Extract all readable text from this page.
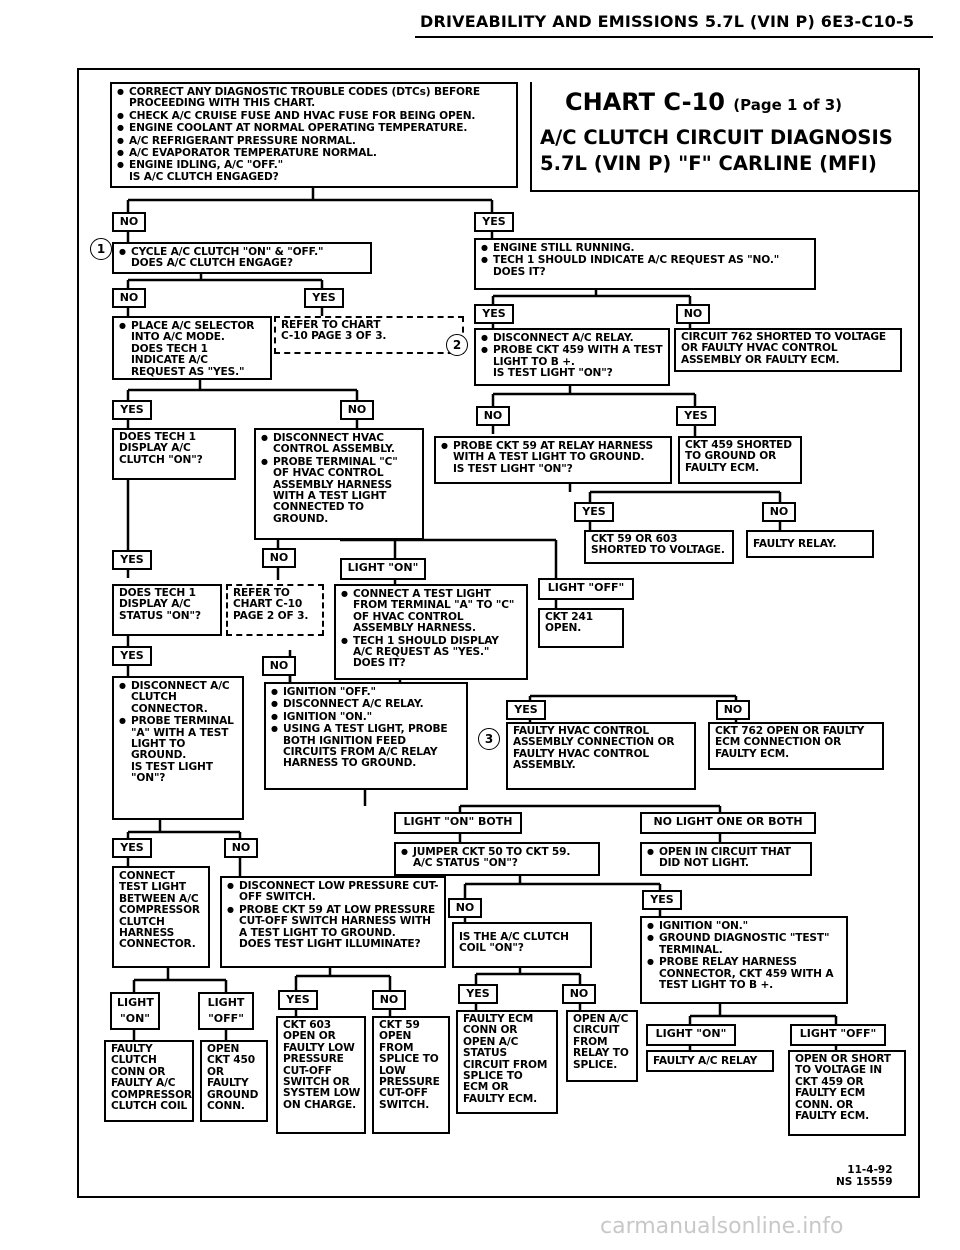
DRIVEABILITY AND EMISSIONS 5.7L (VIN P) 6E3-C10-5
CHART C-10 (Page 1 of 3)
A/C CLUTCH CIRCUIT DIAGNOSIS
5.7L (VIN P) "F" CARLINE (MFI)
● CORRECT ANY DIAGNOSTIC TROUBLE CODES (DTCs) BEFORE PROCEEDING WITH THIS CHART.
● CHECK A/C CRUISE FUSE AND HVAC FUSE FOR BEING OPEN.
● ENGINE COOLANT AT NORMAL OPERATING TEMPERATURE.
● A/C REFRIGERANT PRESSURE NORMAL.
● A/C EVAPORATOR TEMPERATURE NORMAL.
● ENGINE IDLING, A/C "OFF."
IS A/C CLUTCH ENGAGED?
NO	YES
1	● CYCLE A/C CLUTCH "ON" & "OFF."
DOES A/C CLUTCH ENGAGE?
● ENGINE STILL RUNNING.
● TECH 1 SHOULD INDICATE A/C REQUEST AS "NO."
DOES IT?
NO	YES
YES	NO
● PLACE A/C SELECTOR INTO A/C MODE.
DOES TECH 1 INDICATE A/C REQUEST AS "YES."
REFER TO CHART
C-10 PAGE 3 OF 3.
2	● DISCONNECT A/C RELAY.
● PROBE CKT 459 WITH A TEST LIGHT TO B +.
IS TEST LIGHT "ON"?
CIRCUIT 762 SHORTED TO VOLTAGE OR FAULTY HVAC CONTROL ASSEMBLY OR FAULTY ECM.
YES	NO	NO	YES
DOES TECH 1
DISPLAY A/C
CLUTCH "ON"?
● DISCONNECT HVAC CONTROL ASSEMBLY.
● PROBE TERMINAL "C" OF HVAC CONTROL ASSEMBLY HARNESS WITH A TEST LIGHT CONNECTED TO GROUND.
● PROBE CKT 59 AT RELAY HARNESS WITH A TEST LIGHT TO GROUND.
IS TEST LIGHT "ON"?
CKT 459 SHORTED
TO GROUND OR
FAULTY ECM.
YES	NO
CKT 59 OR 603
SHORTED TO VOLTAGE.
FAULTY RELAY.
YES	NO
LIGHT "ON"
DOES TECH 1
DISPLAY A/C
STATUS "ON"?
REFER TO
CHART C-10
PAGE 2 OF 3.
● CONNECT A TEST LIGHT FROM TERMINAL "A" TO "C" OF HVAC CONTROL ASSEMBLY HARNESS.
● TECH 1 SHOULD DISPLAY A/C REQUEST AS "YES."
DOES IT?
LIGHT "OFF"
CKT 241
OPEN.
YES
NO
● DISCONNECT A/C CLUTCH CONNECTOR.
● PROBE TERMINAL "A" WITH A TEST LIGHT TO GROUND.
IS TEST LIGHT "ON"?
● IGNITION "OFF."
● DISCONNECT A/C RELAY.
● IGNITION "ON."
● USING A TEST LIGHT, PROBE BOTH IGNITION FEED CIRCUITS FROM A/C RELAY HARNESS TO GROUND.
YES	NO
3
FAULTY HVAC CONTROL ASSEMBLY CONNECTION OR FAULTY HVAC CONTROL ASSEMBLY.
CKT 762 OPEN OR FAULTY ECM CONNECTION OR FAULTY ECM.
LIGHT "ON" BOTH	NO LIGHT ONE OR BOTH
YES	NO	● JUMPER CKT 50 TO CKT 59.
A/C STATUS "ON"?
● OPEN IN CIRCUIT THAT DID NOT LIGHT.
CONNECT
TEST LIGHT
BETWEEN A/C
COMPRESSOR
CLUTCH
HARNESS
CONNECTOR.
● DISCONNECT LOW PRESSURE CUT-OFF SWITCH.
● PROBE CKT 59 AT LOW PRESSURE CUT-OFF SWITCH HARNESS WITH A TEST LIGHT TO GROUND.
DOES TEST LIGHT ILLUMINATE?
YES
NO
IS THE A/C CLUTCH
COIL "ON"?
● IGNITION "ON."
● GROUND DIAGNOSTIC "TEST" TERMINAL.
● PROBE RELAY HARNESS CONNECTOR, CKT 459 WITH A TEST LIGHT TO B +.
YES	NO
YES	NO
LIGHT "ON"
LIGHT "OFF"
LIGHT "ON"	LIGHT "OFF"
CKT 603
OPEN OR
FAULTY LOW
PRESSURE
CUT-OFF
SWITCH OR
SYSTEM LOW
ON CHARGE.
CKT 59
OPEN
FROM
SPLICE TO
LOW
PRESSURE
CUT-OFF
SWITCH.
FAULTY ECM
CONN OR
OPEN A/C
STATUS
CIRCUIT FROM
SPLICE TO
ECM OR
FAULTY ECM.
OPEN A/C
CIRCUIT
FROM
RELAY TO
SPLICE.
FAULTY
CLUTCH
CONN OR
FAULTY A/C
COMPRESSOR
CLUTCH COIL
OPEN
CKT 450
OR
FAULTY
GROUND
CONN.
FAULTY A/C RELAY	OPEN OR SHORT
TO VOLTAGE IN
CKT 459 OR
FAULTY ECM
CONN. OR
FAULTY ECM.
11-4-92
NS 15559
carmanualsonline.info
